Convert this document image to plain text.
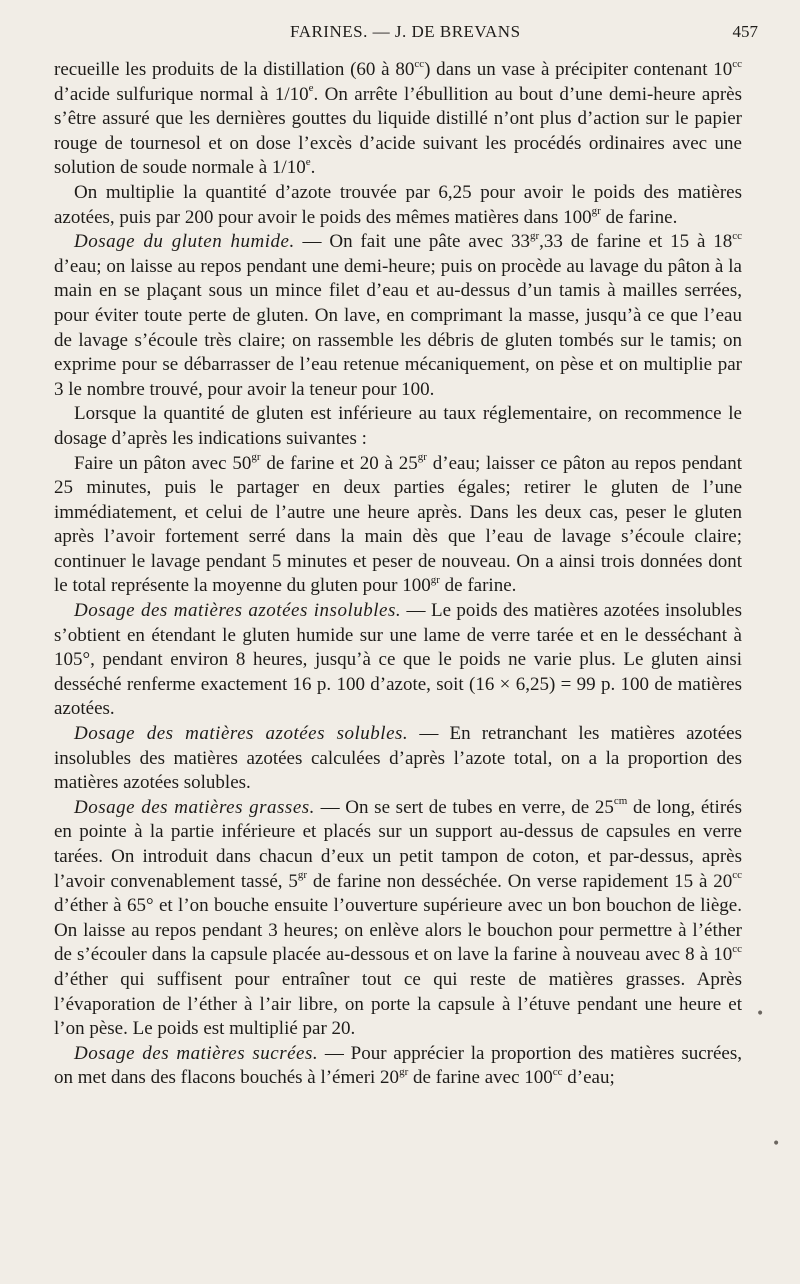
FARINES. — J. DE BREVANS	457

recueille les produits de la distillation (60 à $80^{cc}$) dans un vase à précipiter contenant $10^{cc}$ d’acide sulfurique normal à 1/10e. On arrête l’ébullition au bout d’une demi-heure après s’être assuré que les dernières gouttes du liquide distillé n’ont plus d’action sur le papier rouge de tournesol et on dose l’excès d’acide suivant les procédés ordinaires avec une solution de soude normale à 1/10e.

On multiplie la quantité d’azote trouvée par 6,25 pour avoir le poids des matières azotées, puis par 200 pour avoir le poids des mêmes matières dans $100^{gr}$ de farine.

Dosage du gluten humide. — On fait une pâte avec $33^{gr},33$ de farine et 15 à $18^{cc}$ d’eau; on laisse au repos pendant une demi-heure; puis on procède au lavage du pâton à la main en se plaçant sous un mince filet d’eau et au-dessus d’un tamis à mailles serrées, pour éviter toute perte de gluten. On lave, en comprimant la masse, jusqu’à ce que l’eau de lavage s’écoule très claire; on rassemble les débris de gluten tombés sur le tamis; on exprime pour se débarrasser de l’eau retenue mécaniquement, on pèse et on multiplie par 3 le nombre trouvé, pour avoir la teneur pour 100.

Lorsque la quantité de gluten est inférieure au taux réglementaire, on recommence le dosage d’après les indications suivantes :

Faire un pâton avec $50^{gr}$ de farine et 20 à $25^{gr}$ d’eau; laisser ce pâton au repos pendant 25 minutes, puis le partager en deux parties égales; retirer le gluten de l’une immédiatement, et celui de l’autre une heure après. Dans les deux cas, peser le gluten après l’avoir fortement serré dans la main dès que l’eau de lavage s’écoule claire; continuer le lavage pendant 5 minutes et peser de nouveau. On a ainsi trois données dont le total représente la moyenne du gluten pour $100^{gr}$ de farine.

Dosage des matières azotées insolubles. — Le poids des matières azotées insolubles s’obtient en étendant le gluten humide sur une lame de verre tarée et en le desséchant à 105°, pendant environ 8 heures, jusqu’à ce que le poids ne varie plus. Le gluten ainsi desséché renferme exactement 16 p. 100 d’azote, soit (16 × 6,25) = 99 p. 100 de matières azotées.

Dosage des matières azotées solubles. — En retranchant les matières azotées insolubles des matières azotées calculées d’après l’azote total, on a la proportion des matières azotées solubles.

Dosage des matières grasses. — On se sert de tubes en verre, de $25^{cm}$ de long, étirés en pointe à la partie inférieure et placés sur un support au-dessus de capsules en verre tarées. On introduit dans chacun d’eux un petit tampon de coton, et par-dessus, après l’avoir convenablement tassé, $5^{gr}$ de farine non desséchée. On verse rapidement 15 à $20^{cc}$ d’éther à 65° et l’on bouche ensuite l’ouverture supérieure avec un bon bouchon de liège. On laisse au repos pendant 3 heures; on enlève alors le bouchon pour permettre à l’éther de s’écouler dans la capsule placée au-dessous et on lave la farine à nouveau avec 8 à $10^{cc}$ d’éther qui suffisent pour entraîner tout ce qui reste de matières grasses. Après l’évaporation de l’éther à l’air libre, on porte la capsule à l’étuve pendant une heure et l’on pèse. Le poids est multiplié par 20.

Dosage des matières sucrées. — Pour apprécier la proportion des matières sucrées, on met dans des flacons bouchés à l’émeri $20^{gr}$ de farine avec $100^{cc}$ d’eau;

•
•
